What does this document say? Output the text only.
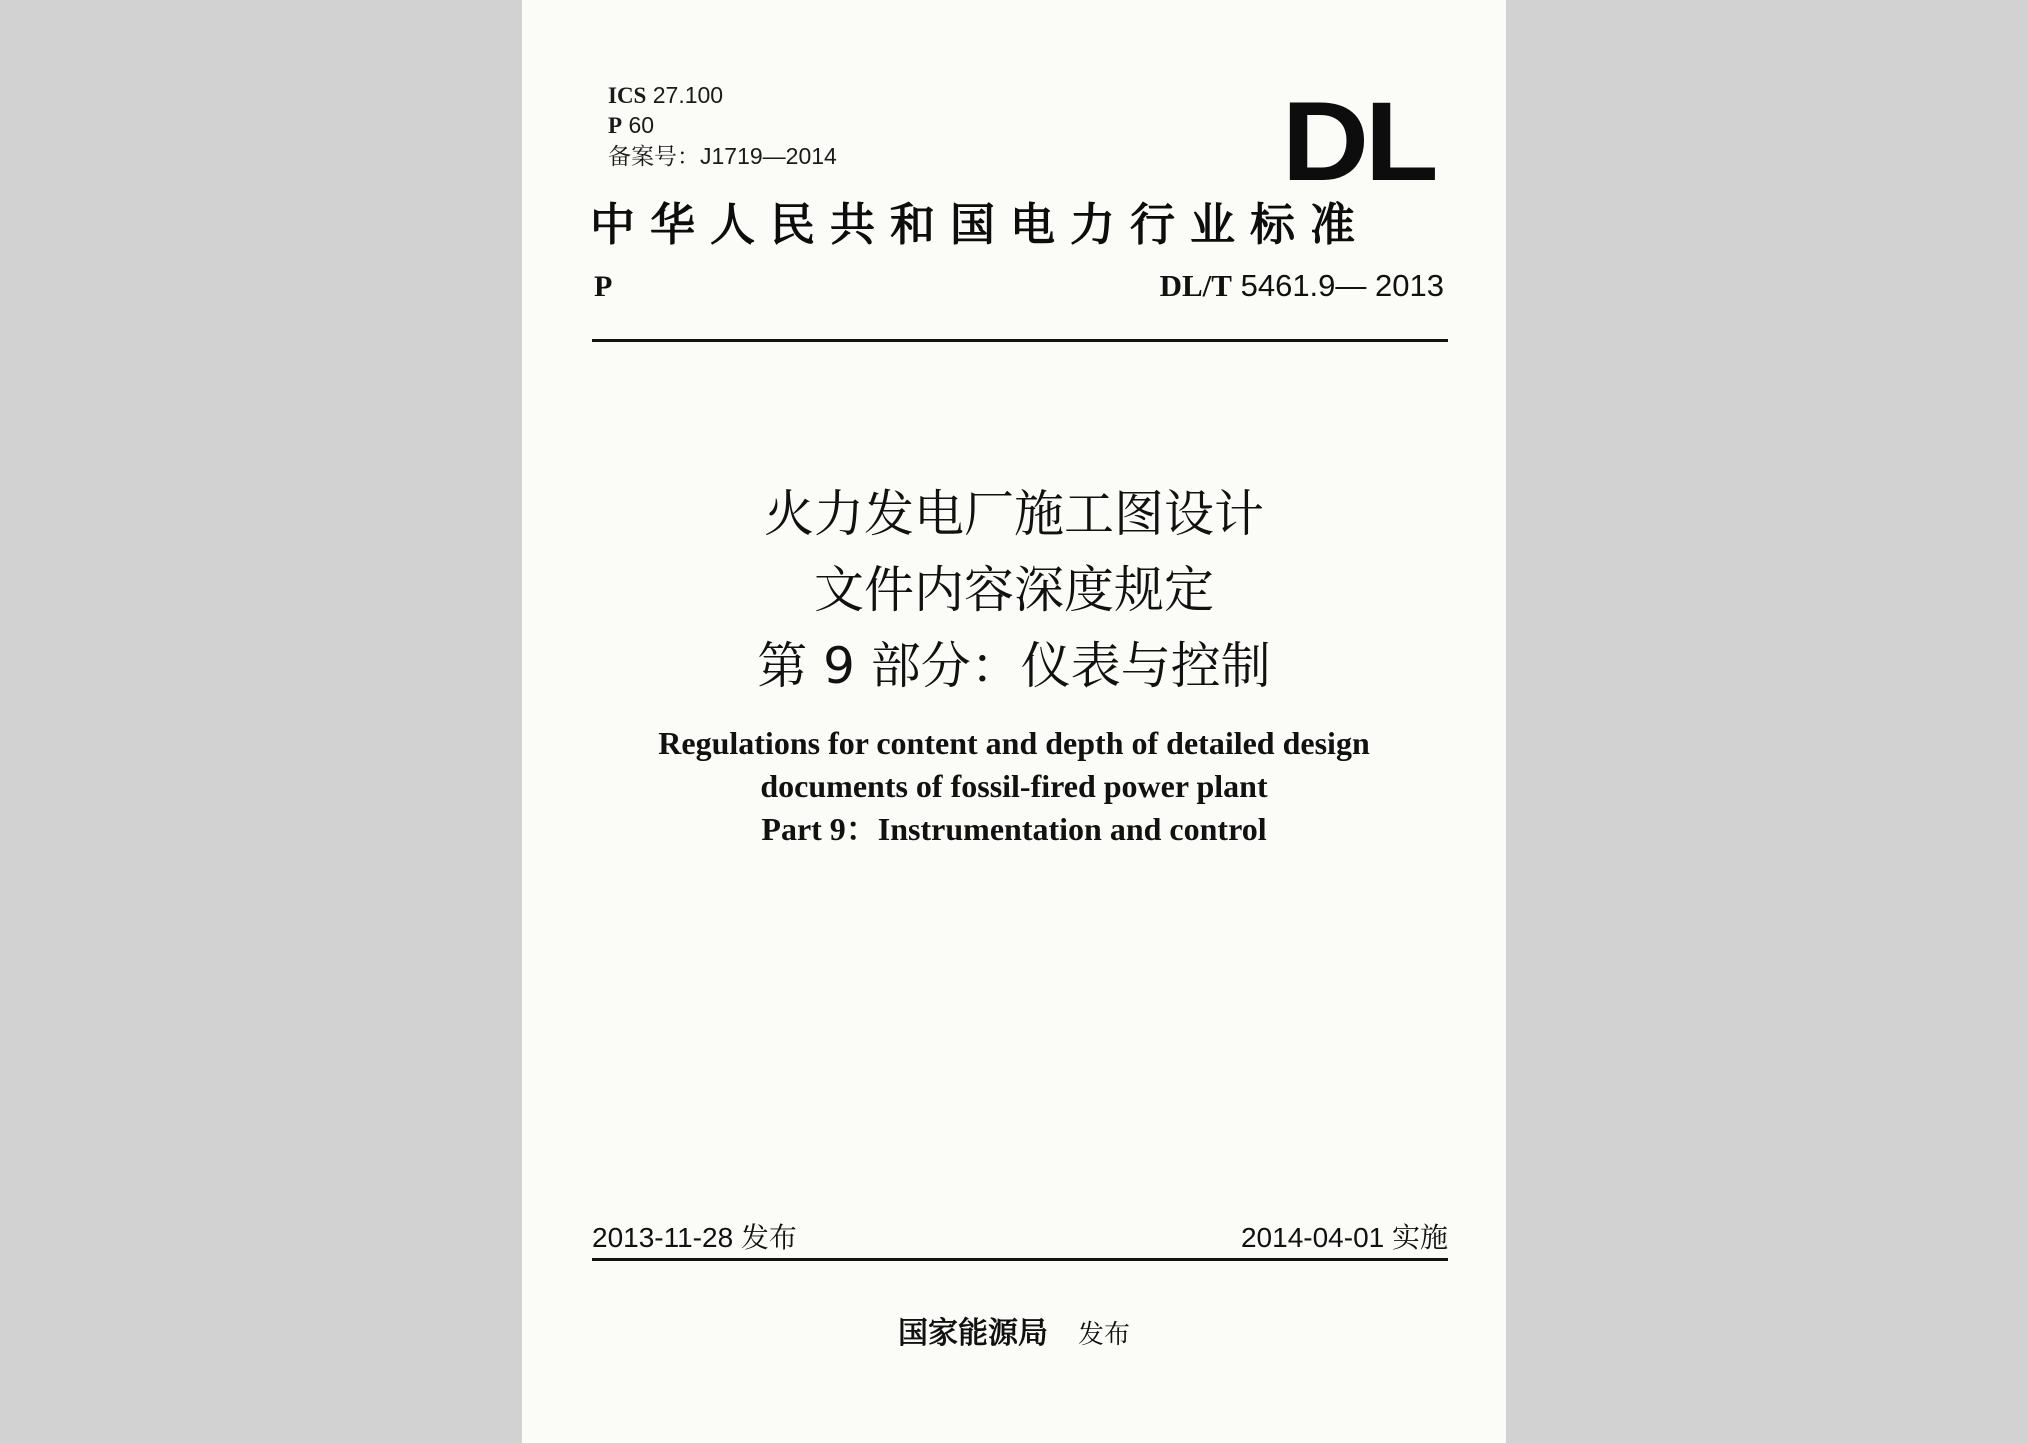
ICS 27.100
P 60
备案号：J1719—2014	DL
中华人民共和国电力行业标准
P	DL/T 5461.9— 2013
火力发电厂施工图设计
文件内容深度规定
第 9 部分：仪表与控制
Regulations for content and depth of detailed design
documents of fossil-fired power plant
Part 9：Instrumentation and control
2013-11-28 发布	2014-04-01 实施
国家能源局 发布
